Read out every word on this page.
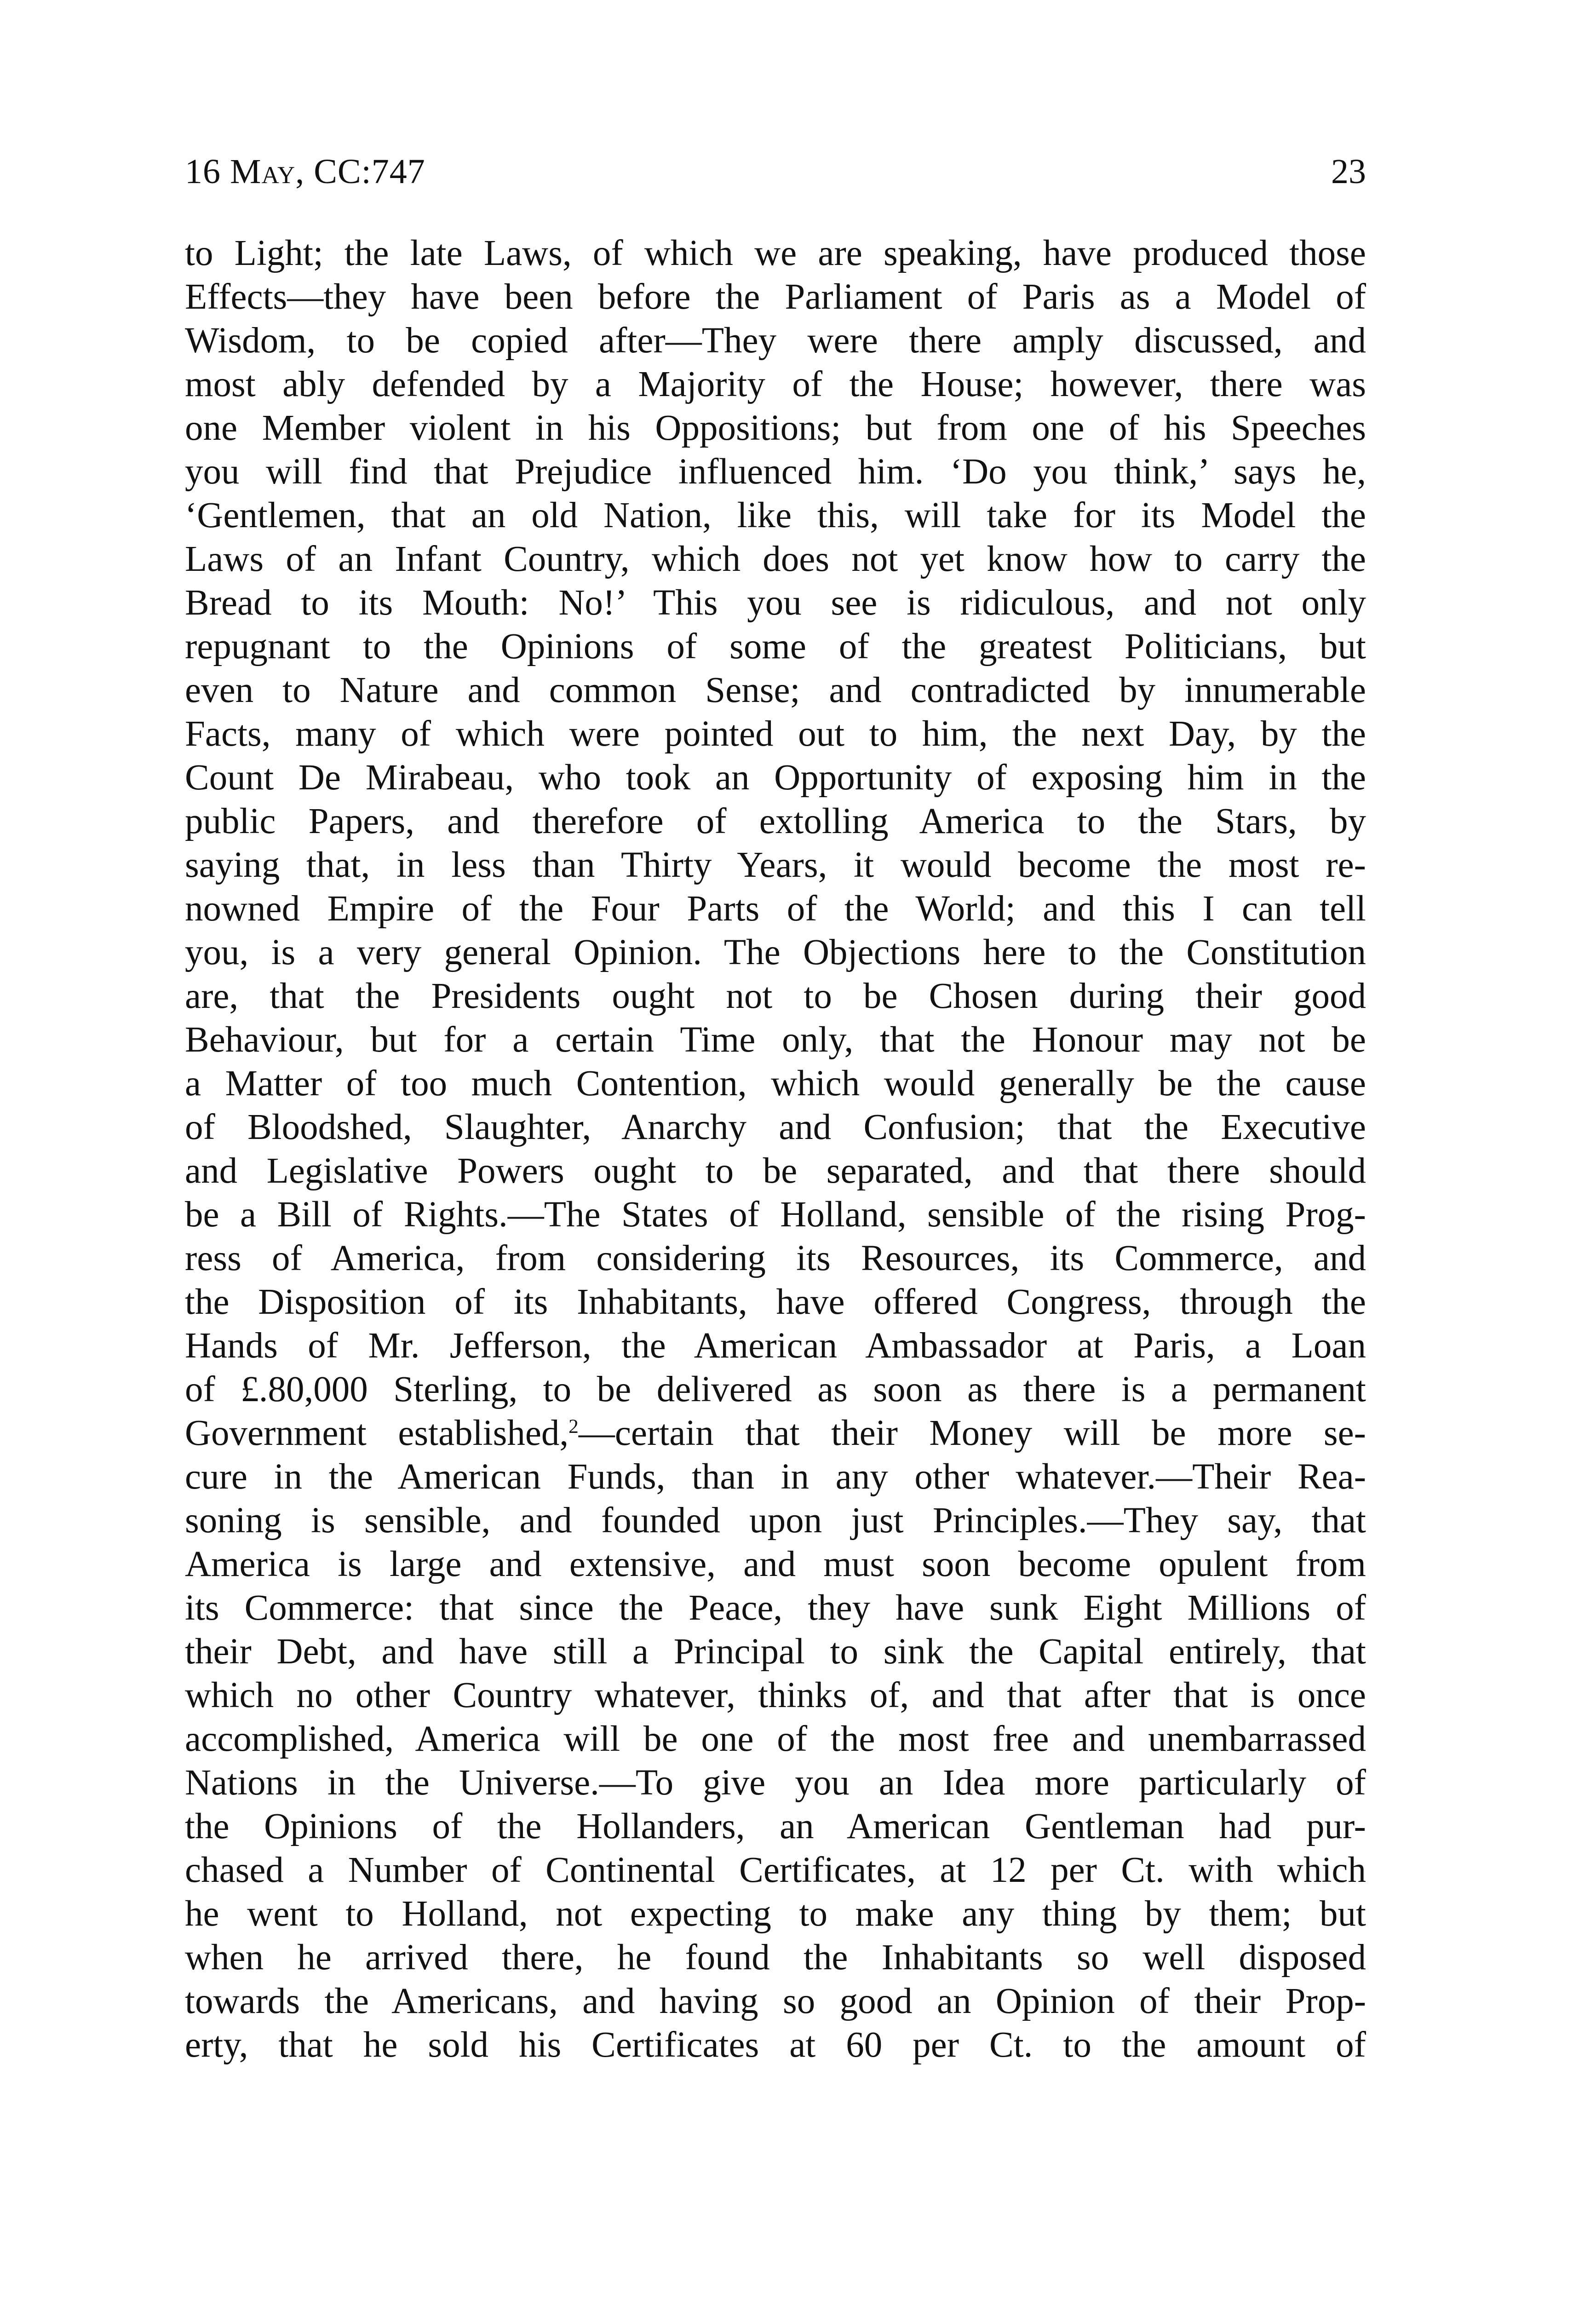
16 May, CC:747	23
to Light; the late Laws, of which we are speaking, have produced those
Effects—they have been before the Parliament of Paris as a Model of
Wisdom, to be copied after—They were there amply discussed, and
most ably defended by a Majority of the House; however, there was
one Member violent in his Oppositions; but from one of his Speeches
you will find that Prejudice influenced him. ‘Do you think,’ says he,
‘Gentlemen, that an old Nation, like this, will take for its Model the
Laws of an Infant Country, which does not yet know how to carry the
Bread to its Mouth: No!’ This you see is ridiculous, and not only
repugnant to the Opinions of some of the greatest Politicians, but
even to Nature and common Sense; and contradicted by innumerable
Facts, many of which were pointed out to him, the next Day, by the
Count De Mirabeau, who took an Opportunity of exposing him in the
public Papers, and therefore of extolling America to the Stars, by
saying that, in less than Thirty Years, it would become the most re-
nowned Empire of the Four Parts of the World; and this I can tell
you, is a very general Opinion. The Objections here to the Constitution
are, that the Presidents ought not to be Chosen during their good
Behaviour, but for a certain Time only, that the Honour may not be
a Matter of too much Contention, which would generally be the cause
of Bloodshed, Slaughter, Anarchy and Confusion; that the Executive
and Legislative Powers ought to be separated, and that there should
be a Bill of Rights.—The States of Holland, sensible of the rising Prog-
ress of America, from considering its Resources, its Commerce, and
the Disposition of its Inhabitants, have offered Congress, through the
Hands of Mr. Jefferson, the American Ambassador at Paris, a Loan
of £.80,000 Sterling, to be delivered as soon as there is a permanent
Government established,$^2$—certain that their Money will be more se-
cure in the American Funds, than in any other whatever.—Their Rea-
soning is sensible, and founded upon just Principles.—They say, that
America is large and extensive, and must soon become opulent from
its Commerce: that since the Peace, they have sunk Eight Millions of
their Debt, and have still a Principal to sink the Capital entirely, that
which no other Country whatever, thinks of, and that after that is once
accomplished, America will be one of the most free and unembarrassed
Nations in the Universe.—To give you an Idea more particularly of
the Opinions of the Hollanders, an American Gentleman had pur-
chased a Number of Continental Certificates, at 12 per Ct. with which
he went to Holland, not expecting to make any thing by them; but
when he arrived there, he found the Inhabitants so well disposed
towards the Americans, and having so good an Opinion of their Prop-
erty, that he sold his Certificates at 60 per Ct. to the amount of
